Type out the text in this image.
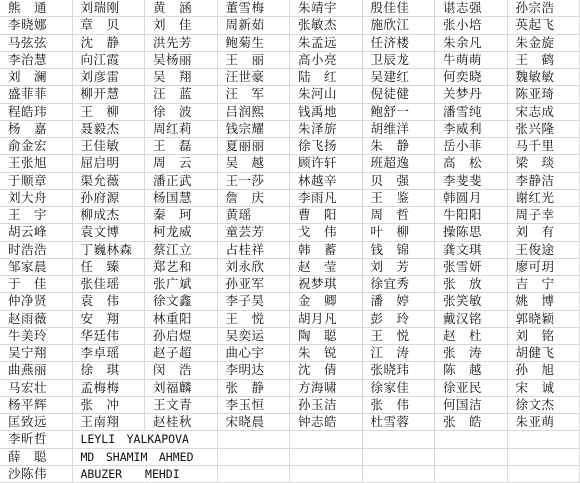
熊　通	刘瑞刚	黄　涵	董雪梅	朱靖宇	殷佳佳	谌志强	孙宗浩
李晓娜	章　贝	刘　佳	周新茹	张敏杰	施欣江	张小培	英起飞
马弦弦	沈　静	洪先芳	鲍菊生	朱孟远	任济楼	朱余凡	朱金旋
李治慧	向江霞	吴杨丽	王　丽	高小亮	卫辰龙	牛萌萌	王　鹤
刘　澜	刘彦雷	吴　翔	汪世豪	陆　红	吴建红	何奕晓	魏敏敏
盛菲菲	柳开慧	汪　蓝	汪　军	朱河山	倪徒健	关梦丹	陈亚琦
程皓玮	王　柳	徐　波	吕润熙	钱禹地	鲍舒一	潘雪纯	宋志成
杨　嘉	聂毅杰	周红莉	钱宗耀	朱泽旂	胡维洋	李威利	张兴隆
俞金宏	王佳敏	王　磊	夏丽丽	徐飞扬	朱　静	岳小菲	马千里
王张旭	屈启明	周　云	吴　越	顾许轩	班超逸	高　松	梁　琰
于顺章	渠允薇	潘正武	王一莎	林越辛	贝　强	李斐斐	李静洁
刘大舟	孙府源	杨国慧	詹　庆	李雨凡	王　鉴	韩圆月	谢红光
王　宇	柳成杰	秦　珂	黄瑶	曹　阳	周　哲	牛阳阳	周子幸
胡云峰	袁文博	柯龙威	童芸芳	戈　伟	叶　柳	操陈思	刘　有
时浩浩	丁巍林森	蔡江立	占桂祥	韩　蓄	钱　锦	龚文琪	王俊途
邹家晨	任　臻	郑艺和	刘永欣	赵　莹	刘　芳	张雪妍	廖可玥
于　佳	张佳瑶	张广斌	孙亚军	祝梦琪	徐宜秀	张　放	吉　宁
仲净贤	袁　伟	徐文鑫	李子昊	金　卿	潘　婷	张笑敏	姚　博
赵雨薇	安　翔	林重阳	王　悦	胡月凡	彭　玲	戴汉铭	郭晓颖
牛美玲	华廷伟	孙启煜	吴奕运	陶　聪	王　悦	赵　杜	刘　铭
吴宁翔	李卓瑶	赵子超	曲心宇	朱　锐	江　涛	张　涛	胡健飞
曲燕丽	徐　琪	闵　浩	李明达	沈　倩	张晓玮	陈　越	孙　旭
马宏壮	孟梅梅	刘福麟	张　静	方海啸	徐家佳	徐亚民	宋　诚
杨平辉	张　冲	王文青	李玉恒	孙玉洁	张　伟	何国洁	徐文杰
匡致远	王南翔	赵桂秋	宋晓晨	钟志皓	杜雪蓉	张　皓	朱亚萌
李昕哲	LEYLI　YALKAPOVA
薛　聪	MD　SHAMIM　AHMED
沙陈伟	ABUZER　　MEHDI
